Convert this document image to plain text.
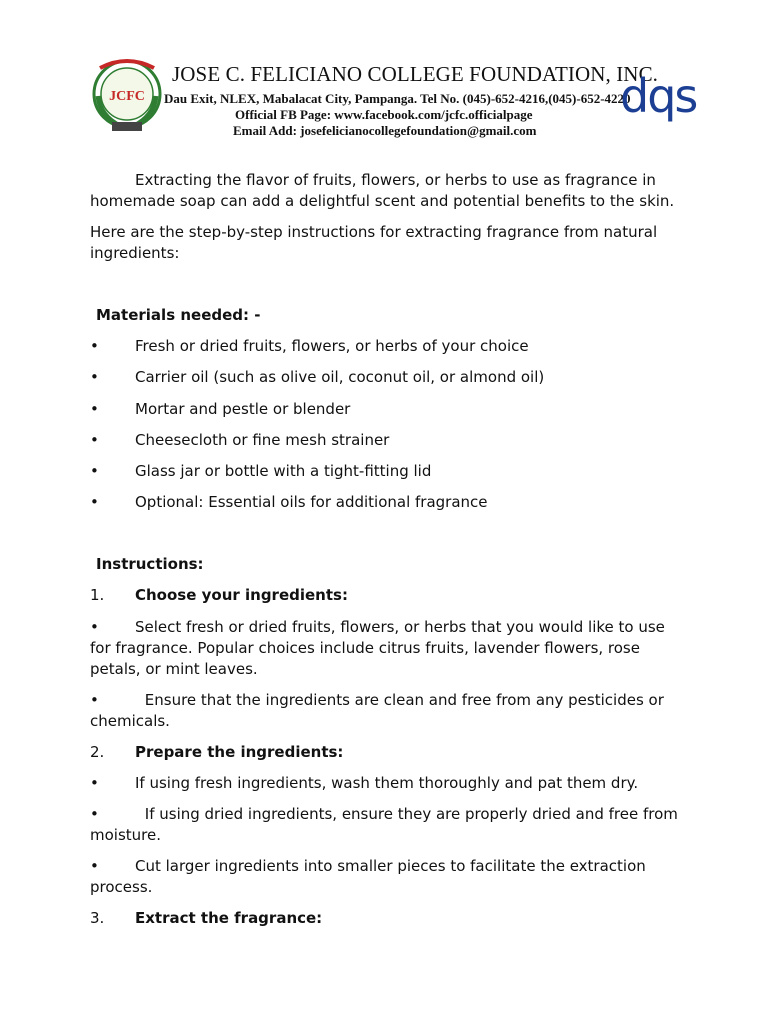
JCFC
JOSE C. FELICIANO COLLEGE FOUNDATION, INC.
Dau Exit, NLEX, Mabalacat City, Pampanga. Tel No. (045)-652-4216,(045)-652-4220
Official FB Page: www.facebook.com/jcfc.officialpage
Email Add: josefelicianocollegefoundation@gmail.com
dqs

Extracting the flavor of fruits, flowers, or herbs to use as fragrance in homemade soap can add a delightful scent and potential benefits to the skin.

Here are the step-by-step instructions for extracting fragrance from natural ingredients:

Materials needed: -
•	Fresh or dried fruits, flowers, or herbs of your choice
•	Carrier oil (such as olive oil, coconut oil, or almond oil)
•	Mortar and pestle or blender
•	Cheesecloth or fine mesh strainer
•	Glass jar or bottle with a tight-fitting lid
•	Optional: Essential oils for additional fragrance
Instructions:
1. Choose your ingredients:

• Select fresh or dried fruits, flowers, or herbs that you would like to use for fragrance. Popular choices include citrus fruits, lavender flowers, rose petals, or mint leaves.

•	Ensure that the ingredients are clean and free from any pesticides or chemicals.

2. Prepare the ingredients:

• If using fresh ingredients, wash them thoroughly and pat them dry.

•	If using dried ingredients, ensure they are properly dried and free from moisture.

• Cut larger ingredients into smaller pieces to facilitate the extraction process.

3. Extract the fragrance:
